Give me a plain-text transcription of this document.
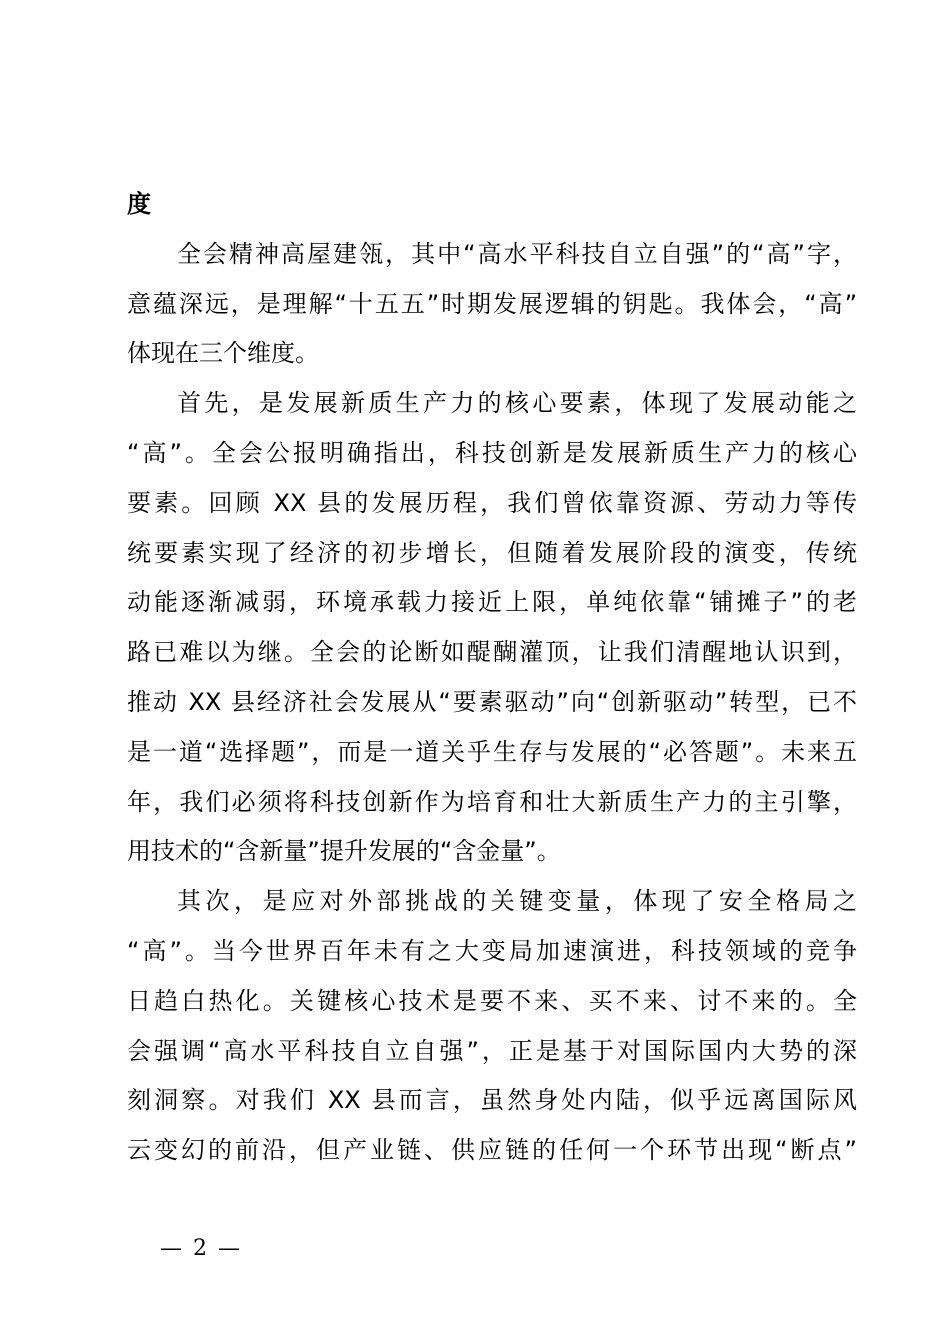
度
全会精神高屋建瓴，其中“高水平科技自立自强”的“高”字，
意蕴深远，是理解“十五五”时期发展逻辑的钥匙。我体会，“高”
体现在三个维度。
首先，是发展新质生产力的核心要素，体现了发展动能之
“高”。全会公报明确指出，科技创新是发展新质生产力的核心
要素。回顾 XX 县的发展历程，我们曾依靠资源、劳动力等传
统要素实现了经济的初步增长，但随着发展阶段的演变，传统
动能逐渐减弱，环境承载力接近上限，单纯依靠“铺摊子”的老
路已难以为继。全会的论断如醍醐灌顶，让我们清醒地认识到，
推动 XX 县经济社会发展从“要素驱动”向“创新驱动”转型，已不
是一道“选择题”，而是一道关乎生存与发展的“必答题”。未来五
年，我们必须将科技创新作为培育和壮大新质生产力的主引擎，
用技术的“含新量”提升发展的“含金量”。
其次，是应对外部挑战的关键变量，体现了安全格局之
“高”。当今世界百年未有之大变局加速演进，科技领域的竞争
日趋白热化。关键核心技术是要不来、买不来、讨不来的。全
会强调“高水平科技自立自强”，正是基于对国际国内大势的深
刻洞察。对我们 XX 县而言，虽然身处内陆，似乎远离国际风
云变幻的前沿，但产业链、供应链的任何一个环节出现“断点”
— 2 —
